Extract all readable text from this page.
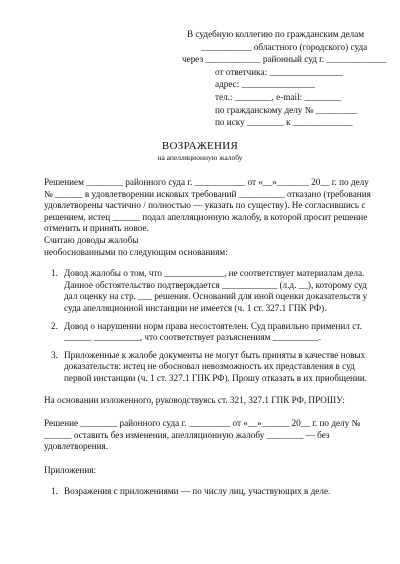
В судебную коллегию по гражданским делам
___________ областного (городского) суда
через ____________ районный суд г. _____________
от ответчика: ________________
адрес: ________________
тел.: ________, e-mail: ________
по гражданскому делу № _________
по иску ________ к _____________
ВОЗРАЖЕНИЯ
на апелляционную жалобу

Решением ________ районного суда г. ___________ от «__»_______ 20__ г. по делу № ______ в удовлетворении исковых требований __________ отказано (требования удовлетворены частично / полностью — указать по существу). Не согласившись с решением, истец ______ подал апелляционную жалобу, в которой просит решение отменить и принять новое.

Считаю доводы жалобы

необоснованными по следующим основаниям:

1. Довод жалобы о том, что _____________, не соответствует материалам дела. Данное обстоятельство подтверждается ____________ (л.д. __), которому суд дал оценку на стр. ___ решения. Оснований для иной оценки доказательств у суда апелляционной инстанции не имеется (ч. 1 ст. 327.1 ГПК РФ).
2. Довод о нарушении норм права несостоятелен. Суд правильно применил ст. ______ __________, что соответствует разъяснениям __________.
3. Приложенные к жалобе документы не могут быть приняты в качестве новых доказательств: истец не обосновал невозможность их представления в суд первой инстанции (ч. 1 ст. 327.1 ГПК РФ). Прошу отказать в их приобщении.

На основании изложенного, руководствуясь ст. 321, 327.1 ГПК РФ, ПРОШУ:

Решение ________ районного суда г. _________ от «__»______ 20__ г. по делу № ______ оставить без изменения, апелляционную жалобу ________ — без удовлетворения.

Приложения:

1. Возражения с приложениями — по числу лиц, участвующих в деле.
